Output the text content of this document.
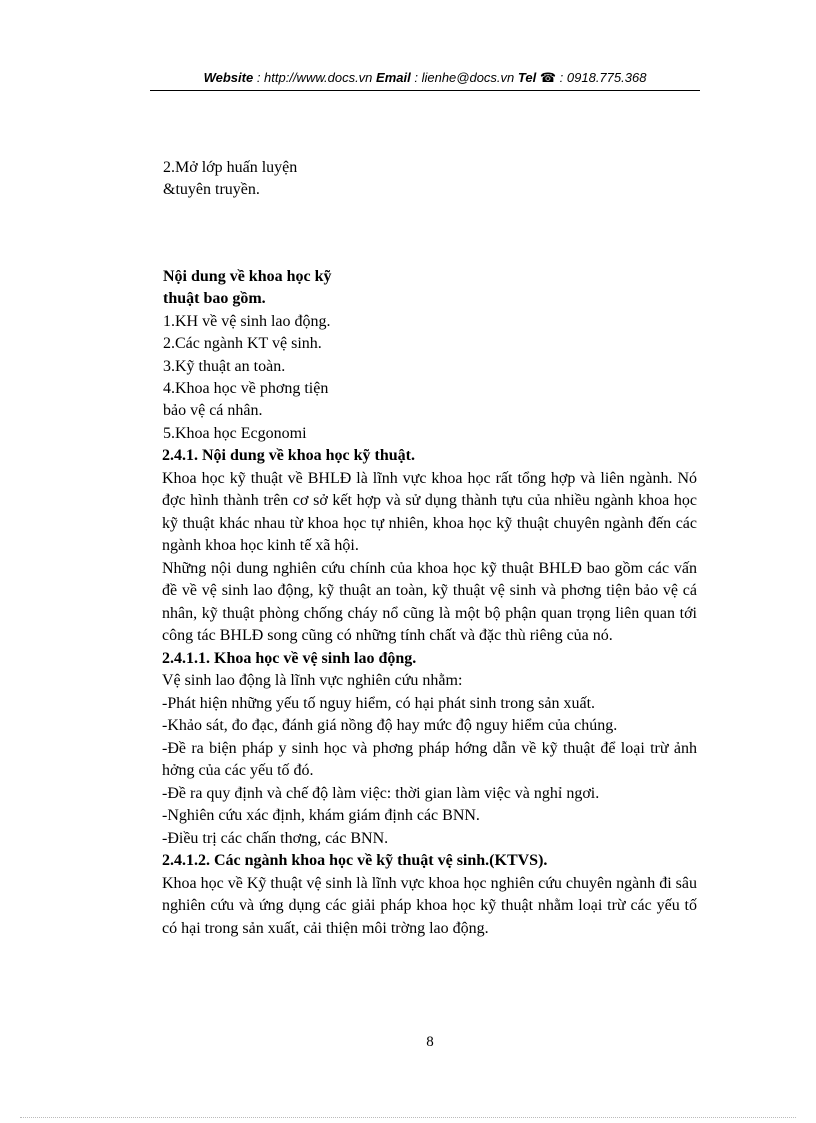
Website : http://www.docs.vn Email : lienhe@docs.vn Tel ☎ : 0918.775.368
2.Mở lớp huấn luyện
&tuyên truyền.
Nội dung về khoa học kỹ
thuật bao gồm.
1.KH về vệ sinh lao động.
2.Các ngành KT vệ sinh.
3.Kỹ thuật an toàn.
4.Khoa học về phơng tiện
bảo vệ cá nhân.
5.Khoa học Ecgonomi
2.4.1. Nội dung về khoa học kỹ thuật.

Khoa học kỹ thuật về BHLĐ là lĩnh vực khoa học rất tổng hợp và liên ngành. Nó đợc hình thành trên cơ sở kết hợp và sử dụng thành tựu của nhiều ngành khoa học kỹ thuật khác nhau từ khoa học tự nhiên, khoa học kỹ thuật chuyên ngành đến các ngành khoa học kinh tế xã hội.

Những nội dung nghiên cứu chính của khoa học kỹ thuật BHLĐ bao gồm các vấn đề về vệ sinh lao động, kỹ thuật an toàn, kỹ thuật vệ sinh và phơng tiện bảo vệ cá nhân, kỹ thuật phòng chống cháy nổ cũng là một bộ phận quan trọng liên quan tới công tác BHLĐ song cũng có những tính chất và đặc thù riêng của nó.

2.4.1.1. Khoa học về vệ sinh lao động.
Vệ sinh lao động là lĩnh vực nghiên cứu nhằm:
-Phát hiện những yếu tố nguy hiểm, có hại phát sinh trong sản xuất.
-Khảo sát, đo đạc, đánh giá nồng độ hay mức độ nguy hiểm của chúng.

-Đề ra biện pháp y sinh học và phơng pháp hớng dẫn về kỹ thuật để loại trừ ảnh hởng của các yếu tố đó.

-Đề ra quy định và chế độ làm việc: thời gian làm việc và nghỉ ngơi.
-Nghiên cứu xác định, khám giám định các BNN.
-Điều trị các chấn thơng, các BNN.
2.4.1.2. Các ngành khoa học về kỹ thuật vệ sinh.(KTVS).

Khoa học về Kỹ thuật vệ sinh là lĩnh vực khoa học nghiên cứu chuyên ngành đi sâu nghiên cứu và ứng dụng các giải pháp khoa học kỹ thuật nhằm loại trừ các yếu tố có hại trong sản xuất, cải thiện môi trờng lao động.

8
